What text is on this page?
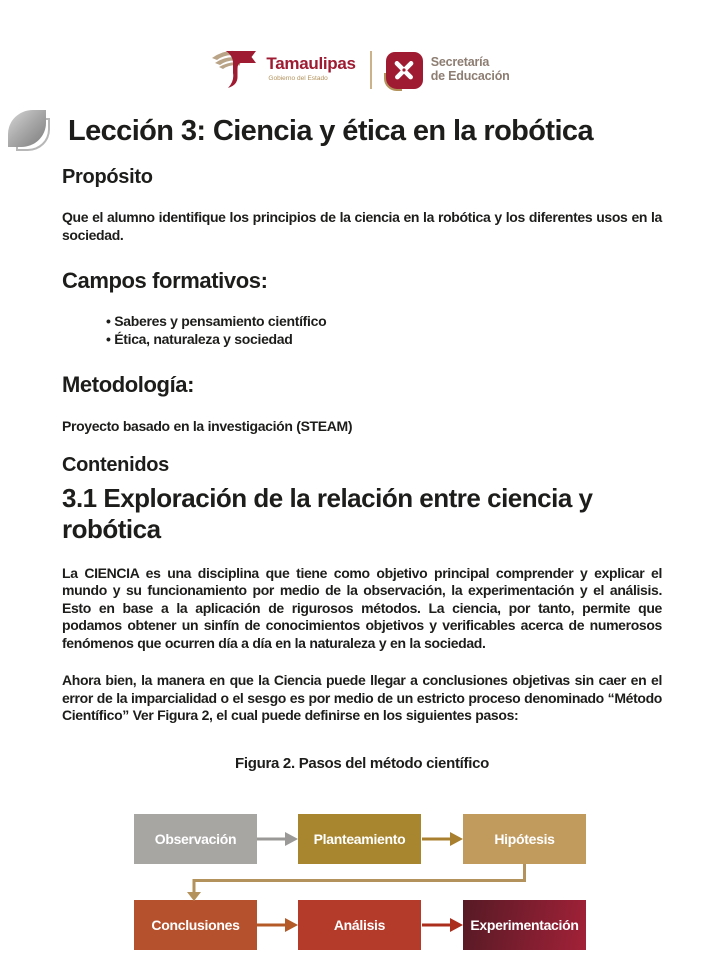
Tamaulipas
Gobierno del Estado
Secretaría
de Educación
Lección 3: Ciencia y ética en la robótica
Propósito

Que el alumno identifique los principios de la ciencia en la robótica y los diferentes usos en la sociedad.

Campos formativos:
• Saberes y pensamiento científico
• Ética, naturaleza y sociedad
Metodología:

Proyecto basado en la investigación (STEAM)

Contenidos
3.1 Exploración de la relación entre ciencia y robótica

La CIENCIA es una disciplina que tiene como objetivo principal comprender y explicar el mundo y su funcionamiento por medio de la observación, la experimentación y el análisis. Esto en base a la aplicación de rigurosos métodos. La ciencia, por tanto, permite que podamos obtener un sinfín de conocimientos objetivos y verificables acerca de numerosos fenómenos que ocurren día a día en la naturaleza y en la sociedad.

Ahora bien, la manera en que la Ciencia puede llegar a conclusiones objetivas sin caer en el error de la imparcialidad o el sesgo es por medio de un estricto proceso denominado “Método Científico” Ver Figura 2, el cual puede definirse en los siguientes pasos:

Figura 2. Pasos del método científico
Observación	Planteamiento	Hipótesis
Conclusiones	Análisis	Experimentación
